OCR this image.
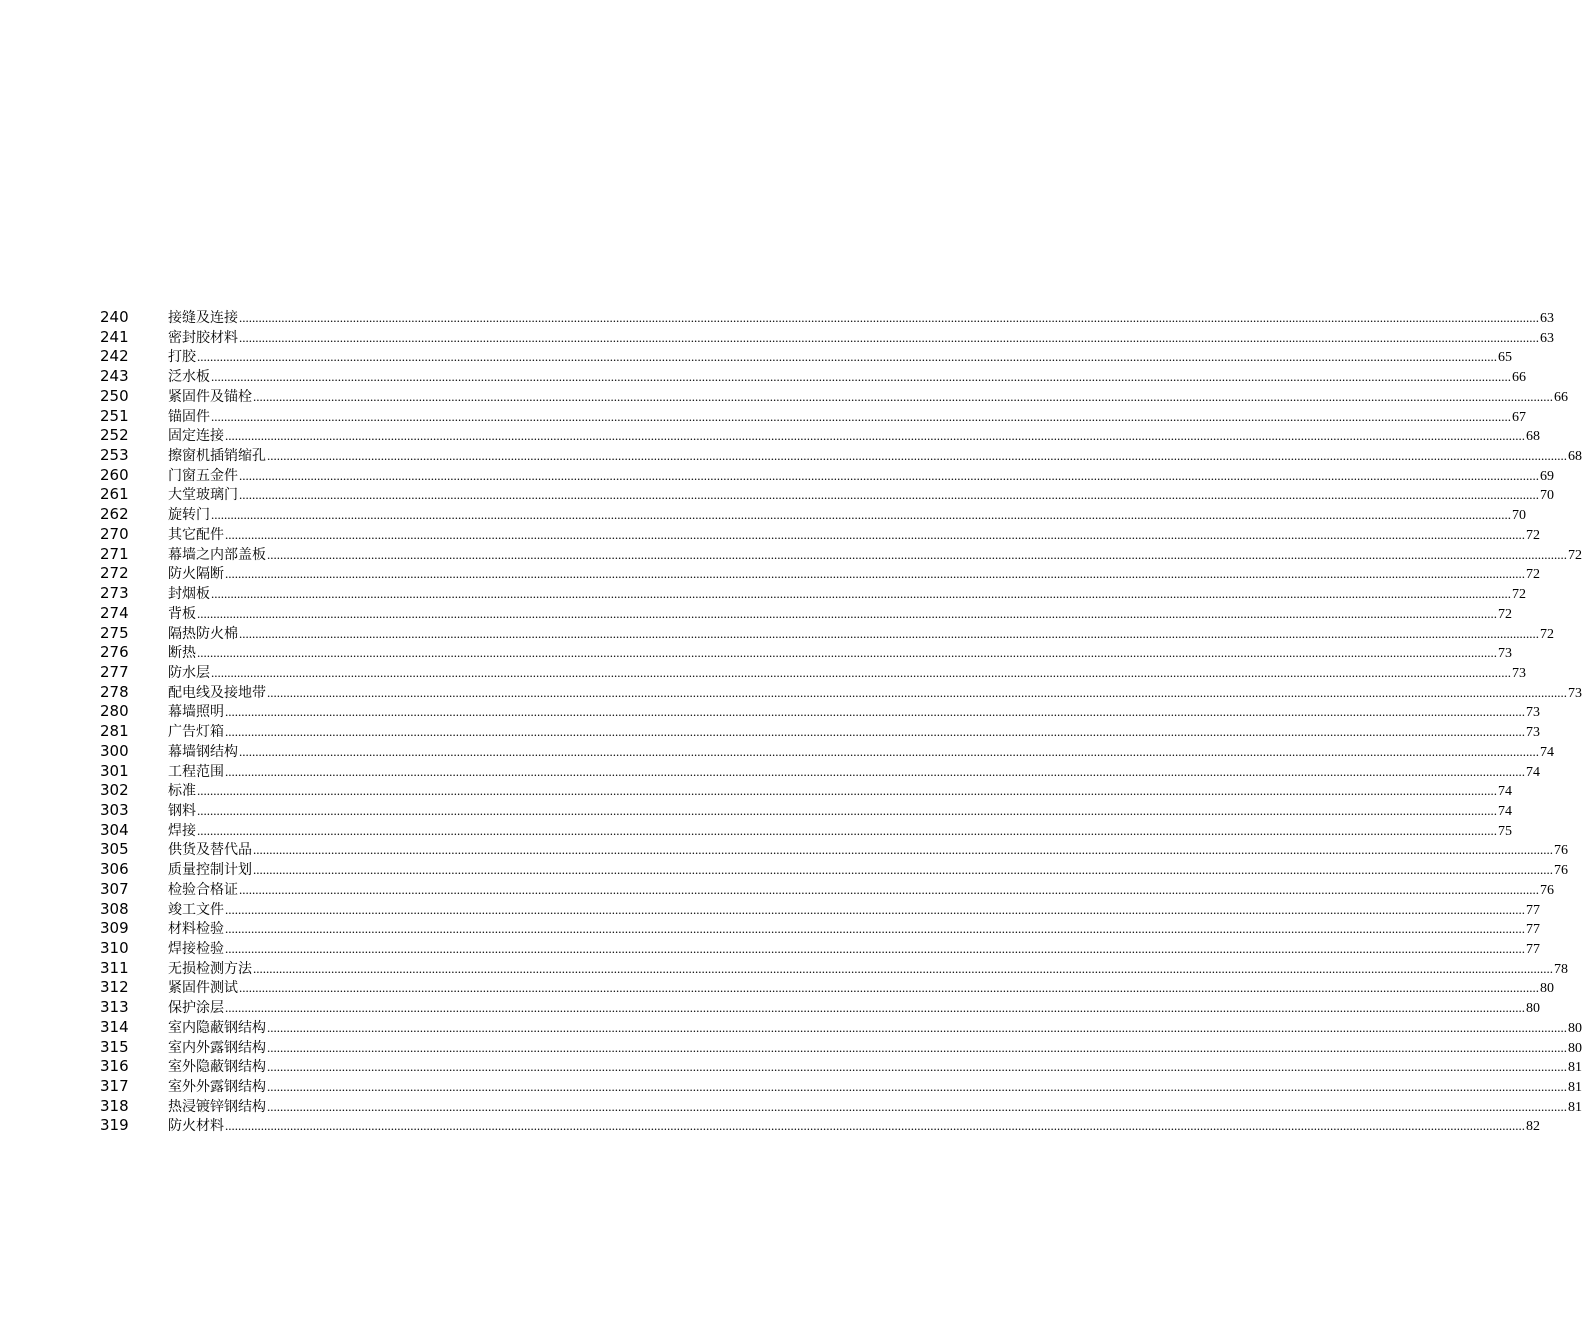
240	接缝及连接 ................................................................................................................................................................................................................................................................................................................................................................................................................ 63
241	密封胶材料 ................................................................................................................................................................................................................................................................................................................................................................................................................ 63
242	打胶 ................................................................................................................................................................................................................................................................................................................................................................................................................ 65
243	泛水板 ................................................................................................................................................................................................................................................................................................................................................................................................................ 66
250	紧固件及锚栓 ................................................................................................................................................................................................................................................................................................................................................................................................................ 66
251	锚固件 ................................................................................................................................................................................................................................................................................................................................................................................................................ 67
252	固定连接 ................................................................................................................................................................................................................................................................................................................................................................................................................ 68
253	擦窗机插销缩孔 ................................................................................................................................................................................................................................................................................................................................................................................................................ 68
260	门窗五金件 ................................................................................................................................................................................................................................................................................................................................................................................................................ 69
261	大堂玻璃门 ................................................................................................................................................................................................................................................................................................................................................................................................................ 70
262	旋转门 ................................................................................................................................................................................................................................................................................................................................................................................................................ 70
270	其它配件 ................................................................................................................................................................................................................................................................................................................................................................................................................ 72
271	幕墙之内部盖板 ................................................................................................................................................................................................................................................................................................................................................................................................................ 72
272	防火隔断 ................................................................................................................................................................................................................................................................................................................................................................................................................ 72
273	封烟板 ................................................................................................................................................................................................................................................................................................................................................................................................................ 72
274	背板 ................................................................................................................................................................................................................................................................................................................................................................................................................ 72
275	隔热防火棉 ................................................................................................................................................................................................................................................................................................................................................................................................................ 72
276	断热 ................................................................................................................................................................................................................................................................................................................................................................................................................ 73
277	防水层 ................................................................................................................................................................................................................................................................................................................................................................................................................ 73
278	配电线及接地带 ................................................................................................................................................................................................................................................................................................................................................................................................................ 73
280	幕墙照明 ................................................................................................................................................................................................................................................................................................................................................................................................................ 73
281	广告灯箱 ................................................................................................................................................................................................................................................................................................................................................................................................................ 73
300	幕墙钢结构 ................................................................................................................................................................................................................................................................................................................................................................................................................ 74
301	工程范围 ................................................................................................................................................................................................................................................................................................................................................................................................................ 74
302	标准 ................................................................................................................................................................................................................................................................................................................................................................................................................ 74
303	钢料 ................................................................................................................................................................................................................................................................................................................................................................................................................ 74
304	焊接 ................................................................................................................................................................................................................................................................................................................................................................................................................ 75
305	供货及替代品 ................................................................................................................................................................................................................................................................................................................................................................................................................ 76
306	质量控制计划 ................................................................................................................................................................................................................................................................................................................................................................................................................ 76
307	检验合格证 ................................................................................................................................................................................................................................................................................................................................................................................................................ 76
308	竣工文件 ................................................................................................................................................................................................................................................................................................................................................................................................................ 77
309	材料检验 ................................................................................................................................................................................................................................................................................................................................................................................................................ 77
310	焊接检验 ................................................................................................................................................................................................................................................................................................................................................................................................................ 77
311	无损检测方法 ................................................................................................................................................................................................................................................................................................................................................................................................................ 78
312	紧固件测试 ................................................................................................................................................................................................................................................................................................................................................................................................................ 80
313	保护涂层 ................................................................................................................................................................................................................................................................................................................................................................................................................ 80
314	室内隐蔽钢结构 ................................................................................................................................................................................................................................................................................................................................................................................................................ 80
315	室内外露钢结构 ................................................................................................................................................................................................................................................................................................................................................................................................................ 80
316	室外隐蔽钢结构 ................................................................................................................................................................................................................................................................................................................................................................................................................ 81
317	室外外露钢结构 ................................................................................................................................................................................................................................................................................................................................................................................................................ 81
318	热浸镀锌钢结构 ................................................................................................................................................................................................................................................................................................................................................................................................................ 81
319	防火材料 ................................................................................................................................................................................................................................................................................................................................................................................................................ 82
